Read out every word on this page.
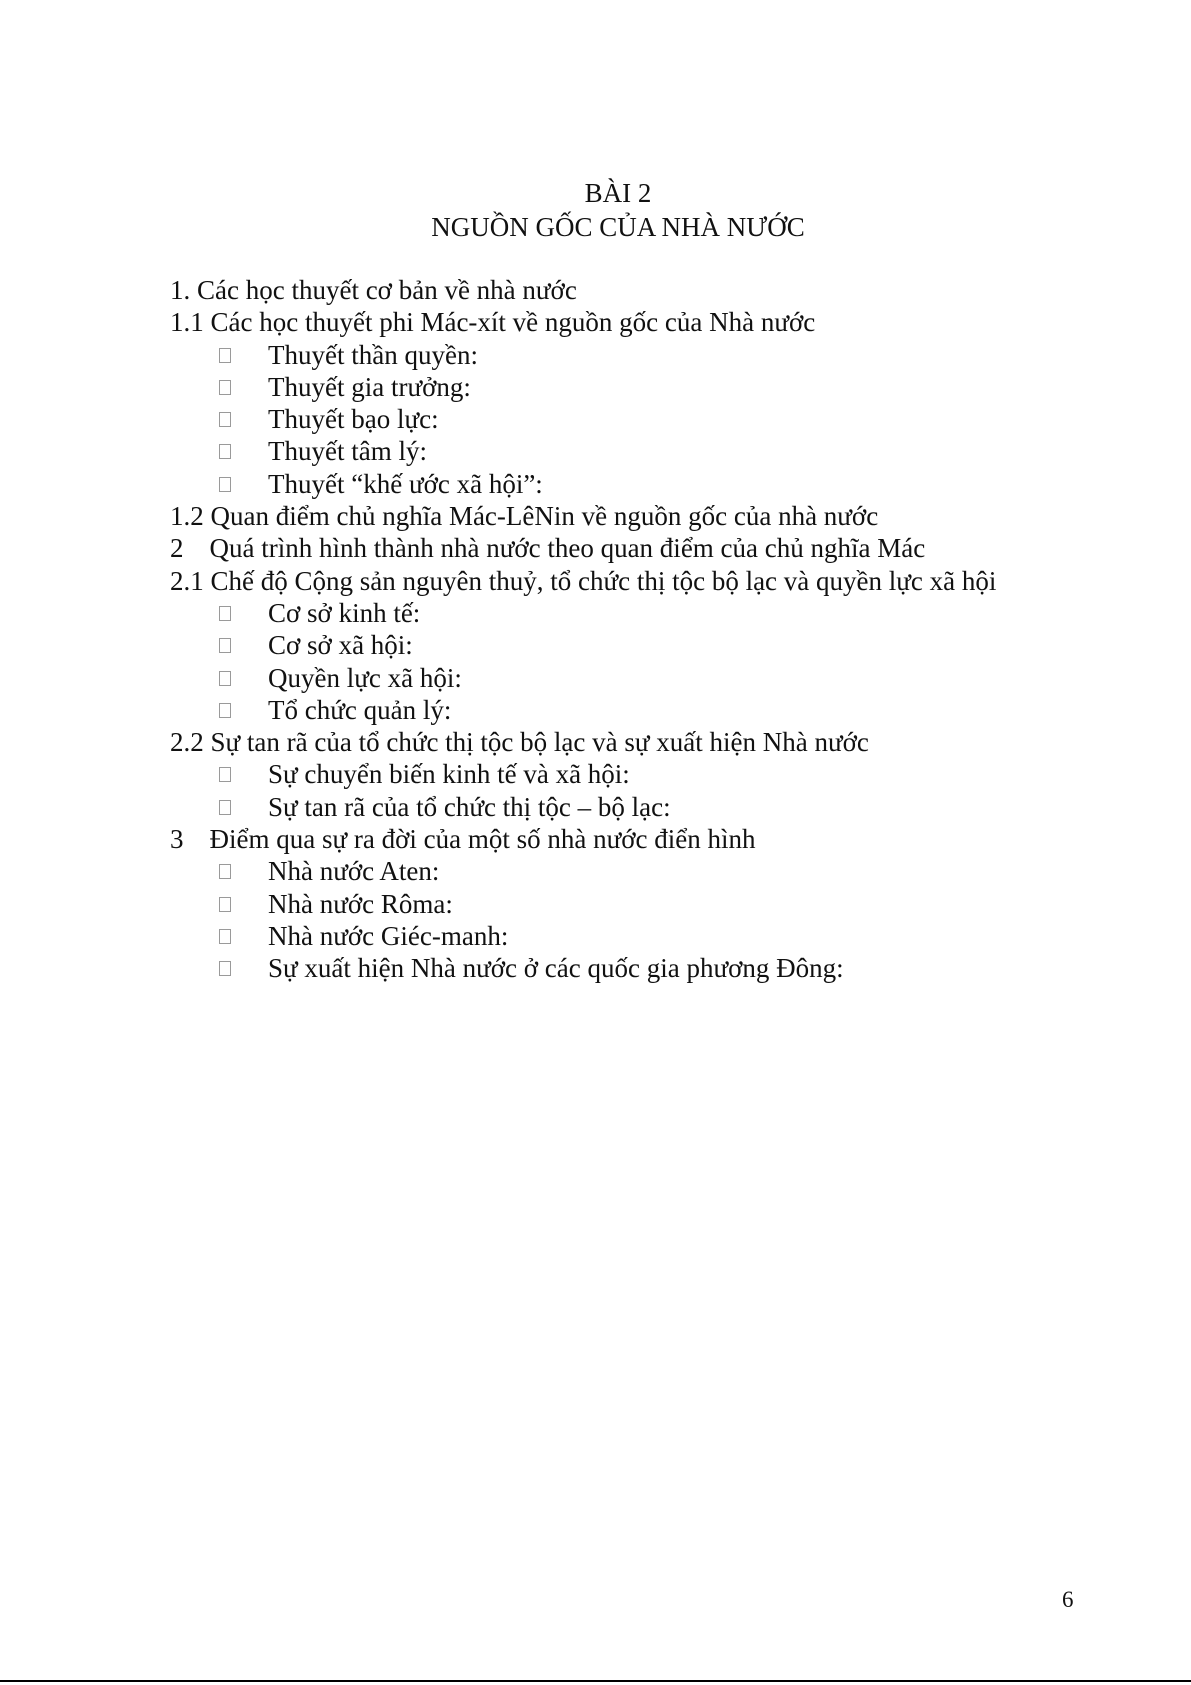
BÀI 2
NGUỒN GỐC CỦA NHÀ NƯỚC
1. Các học thuyết cơ bản về nhà nước
1.1 Các học thuyết phi Mác-xít về nguồn gốc của Nhà nước
Thuyết thần quyền:
Thuyết gia trưởng:
Thuyết bạo lực:
Thuyết tâm lý:
Thuyết “khế ước xã hội”:
1.2 Quan điểm chủ nghĩa Mác-LêNin về nguồn gốc của nhà nước
2 Quá trình hình thành nhà nước theo quan điểm của chủ nghĩa Mác
2.1 Chế độ Cộng sản nguyên thuỷ, tổ chức thị tộc bộ lạc và quyền lực xã hội
Cơ sở kinh tế:
Cơ sở xã hội:
Quyền lực xã hội:
Tổ chức quản lý:
2.2 Sự tan rã của tổ chức thị tộc bộ lạc và sự xuất hiện Nhà nước
Sự chuyển biến kinh tế và xã hội:
Sự tan rã của tổ chức thị tộc – bộ lạc:
3 Điểm qua sự ra đời của một số nhà nước điển hình
Nhà nước Aten:
Nhà nước Rôma:
Nhà nước Giéc-manh:
Sự xuất hiện Nhà nước ở các quốc gia phương Đông:
6
